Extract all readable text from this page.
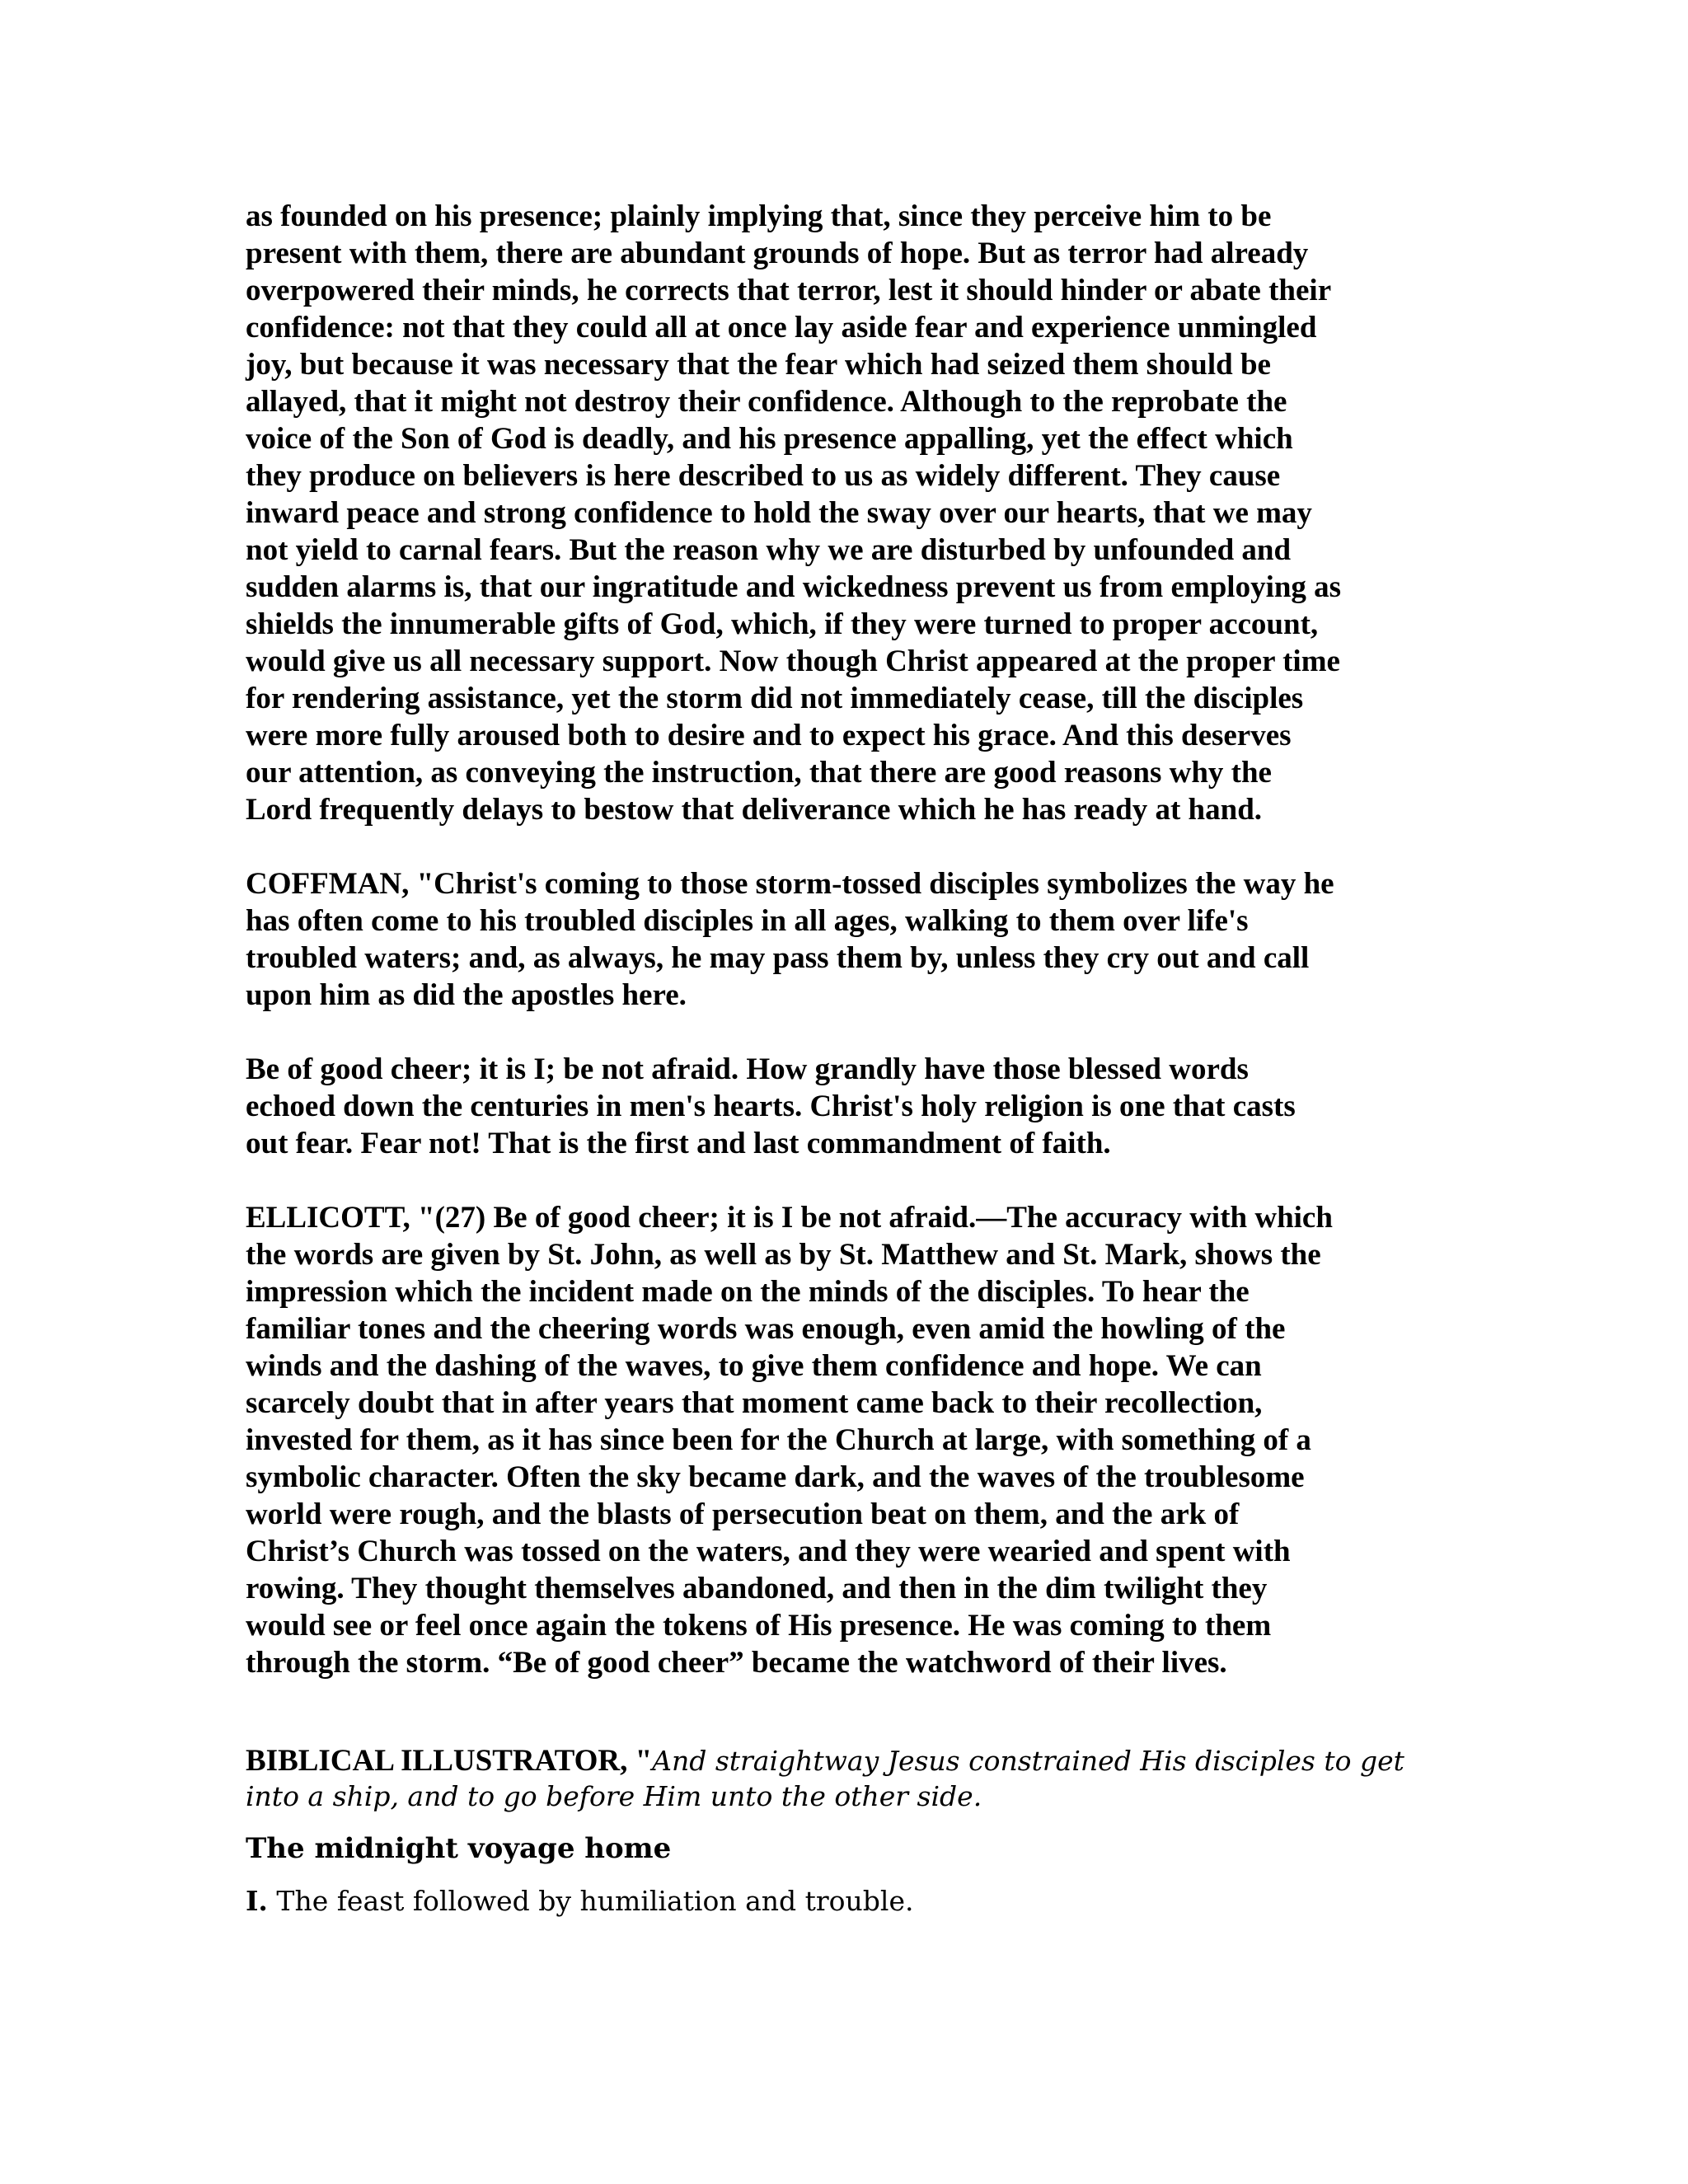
as founded on his presence; plainly implying that, since they perceive him to be

present with them, there are abundant grounds of hope. But as terror had already

overpowered their minds, he corrects that terror, lest it should hinder or abate their

confidence: not that they could all at once lay aside fear and experience unmingled

joy, but because it was necessary that the fear which had seized them should be

allayed, that it might not destroy their confidence. Although to the reprobate the

voice of the Son of God is deadly, and his presence appalling, yet the effect which

they produce on believers is here described to us as widely different. They cause

inward peace and strong confidence to hold the sway over our hearts, that we may

not yield to carnal fears. But the reason why we are disturbed by unfounded and

sudden alarms is, that our ingratitude and wickedness prevent us from employing as

shields the innumerable gifts of God, which, if they were turned to proper account,

would give us all necessary support. Now though Christ appeared at the proper time

for rendering assistance, yet the storm did not immediately cease, till the disciples

were more fully aroused both to desire and to expect his grace. And this deserves

our attention, as conveying the instruction, that there are good reasons why the

Lord frequently delays to bestow that deliverance which he has ready at hand.

COFFMAN, "Christ's coming to those storm-tossed disciples symbolizes the way he

has often come to his troubled disciples in all ages, walking to them over life's

troubled waters; and, as always, he may pass them by, unless they cry out and call

upon him as did the apostles here.

Be of good cheer; it is I; be not afraid. How grandly have those blessed words

echoed down the centuries in men's hearts. Christ's holy religion is one that casts

out fear. Fear not! That is the first and last commandment of faith.

ELLICOTT, "(27) Be of good cheer; it is I be not afraid.—The accuracy with which

the words are given by St. John, as well as by St. Matthew and St. Mark, shows the

impression which the incident made on the minds of the disciples. To hear the

familiar tones and the cheering words was enough, even amid the howling of the

winds and the dashing of the waves, to give them confidence and hope. We can

scarcely doubt that in after years that moment came back to their recollection,

invested for them, as it has since been for the Church at large, with something of a

symbolic character. Often the sky became dark, and the waves of the troublesome

world were rough, and the blasts of persecution beat on them, and the ark of

Christ’s Church was tossed on the waters, and they were wearied and spent with

rowing. They thought themselves abandoned, and then in the dim twilight they

would see or feel once again the tokens of His presence. He was coming to them

through the storm. “Be of good cheer” became the watchword of their lives.

BIBLICAL ILLUSTRATOR, "And straightway Jesus constrained His disciples to get

into a ship, and to go before Him unto the other side.

The midnight voyage home

I. The feast followed by humiliation and trouble.
